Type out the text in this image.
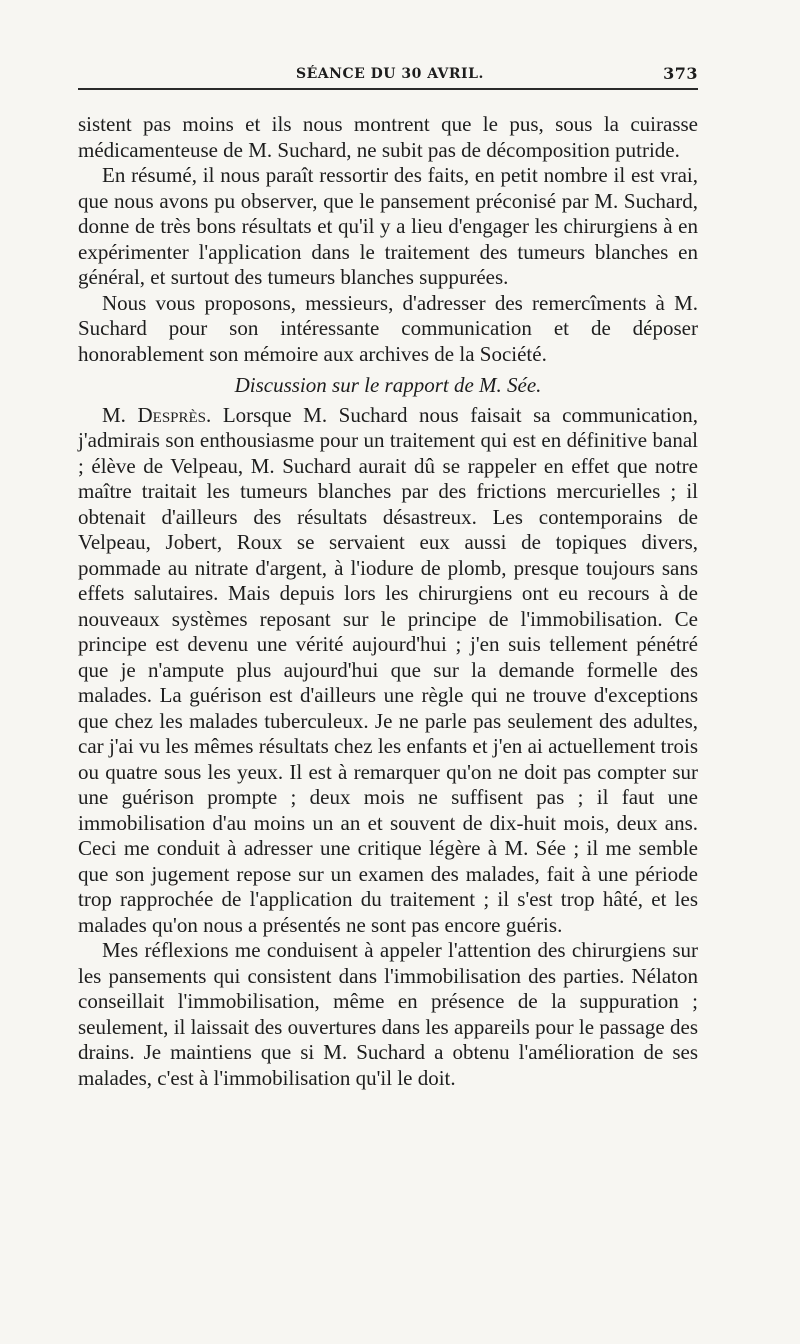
SÉANCE DU 30 AVRIL.	373

sistent pas moins et ils nous montrent que le pus, sous la cuirasse médicamenteuse de M. Suchard, ne subit pas de décomposition putride.

En résumé, il nous paraît ressortir des faits, en petit nombre il est vrai, que nous avons pu observer, que le pansement préconisé par M. Suchard, donne de très bons résultats et qu'il y a lieu d'engager les chirurgiens à en expérimenter l'application dans le traitement des tumeurs blanches en général, et surtout des tumeurs blanches suppurées.

Nous vous proposons, messieurs, d'adresser des remercîments à M. Suchard pour son intéressante communication et de déposer honorablement son mémoire aux archives de la Société.

Discussion sur le rapport de M. Sée.

M. Desprès. Lorsque M. Suchard nous faisait sa communication, j'admirais son enthousiasme pour un traitement qui est en définitive banal ; élève de Velpeau, M. Suchard aurait dû se rappeler en effet que notre maître traitait les tumeurs blanches par des frictions mercurielles ; il obtenait d'ailleurs des résultats désastreux. Les contemporains de Velpeau, Jobert, Roux se servaient eux aussi de topiques divers, pommade au nitrate d'argent, à l'iodure de plomb, presque toujours sans effets salutaires. Mais depuis lors les chirurgiens ont eu recours à de nouveaux systèmes reposant sur le principe de l'immobilisation. Ce principe est devenu une vérité aujourd'hui ; j'en suis tellement pénétré que je n'ampute plus aujourd'hui que sur la demande formelle des malades. La guérison est d'ailleurs une règle qui ne trouve d'exceptions que chez les malades tuberculeux. Je ne parle pas seulement des adultes, car j'ai vu les mêmes résultats chez les enfants et j'en ai actuellement trois ou quatre sous les yeux. Il est à remarquer qu'on ne doit pas compter sur une guérison prompte ; deux mois ne suffisent pas ; il faut une immobilisation d'au moins un an et souvent de dix-huit mois, deux ans. Ceci me conduit à adresser une critique légère à M. Sée ; il me semble que son jugement repose sur un examen des malades, fait à une période trop rapprochée de l'application du traitement ; il s'est trop hâté, et les malades qu'on nous a présentés ne sont pas encore guéris.

Mes réflexions me conduisent à appeler l'attention des chirurgiens sur les pansements qui consistent dans l'immobilisation des parties. Nélaton conseillait l'immobilisation, même en présence de la suppuration ; seulement, il laissait des ouvertures dans les appareils pour le passage des drains. Je maintiens que si M. Suchard a obtenu l'amélioration de ses malades, c'est à l'immobilisation qu'il le doit.
